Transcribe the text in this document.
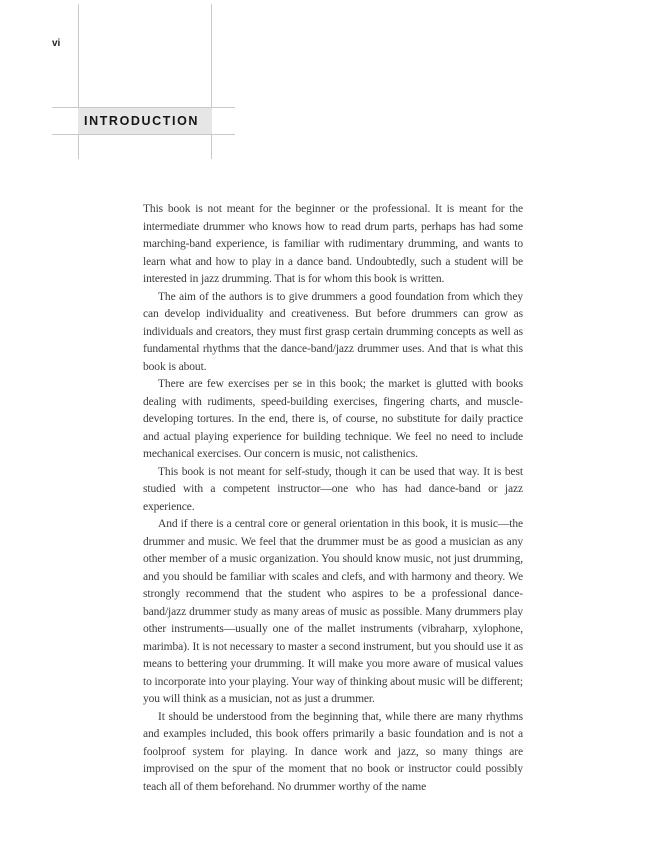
vi
INTRODUCTION

This book is not meant for the beginner or the professional. It is meant for the intermediate drummer who knows how to read drum parts, perhaps has had some marching-band experience, is familiar with rudimentary drumming, and wants to learn what and how to play in a dance band. Undoubtedly, such a student will be interested in jazz drumming. That is for whom this book is written.

The aim of the authors is to give drummers a good foundation from which they can develop individuality and creativeness. But before drummers can grow as individuals and creators, they must first grasp certain drumming concepts as well as fundamental rhythms that the dance-band/jazz drummer uses. And that is what this book is about.

There are few exercises per se in this book; the market is glutted with books dealing with rudiments, speed-building exercises, fingering charts, and muscle-developing tortures. In the end, there is, of course, no substitute for daily practice and actual playing experience for building technique. We feel no need to include mechanical exercises. Our concern is music, not calisthenics.

This book is not meant for self-study, though it can be used that way. It is best studied with a competent instructor—one who has had dance-band or jazz experience.

And if there is a central core or general orientation in this book, it is music—the drummer and music. We feel that the drummer must be as good a musician as any other member of a music organization. You should know music, not just drumming, and you should be familiar with scales and clefs, and with harmony and theory. We strongly recommend that the student who aspires to be a professional dance-band/jazz drummer study as many areas of music as possible. Many drummers play other instruments—usually one of the mallet instruments (vibraharp, xylophone, marimba). It is not necessary to master a second instrument, but you should use it as means to bettering your drumming. It will make you more aware of musical values to incorporate into your playing. Your way of thinking about music will be different; you will think as a musician, not as just a drummer.

It should be understood from the beginning that, while there are many rhythms and examples included, this book offers primarily a basic foundation and is not a foolproof system for playing. In dance work and jazz, so many things are improvised on the spur of the moment that no book or instructor could possibly teach all of them beforehand. No drummer worthy of the name
